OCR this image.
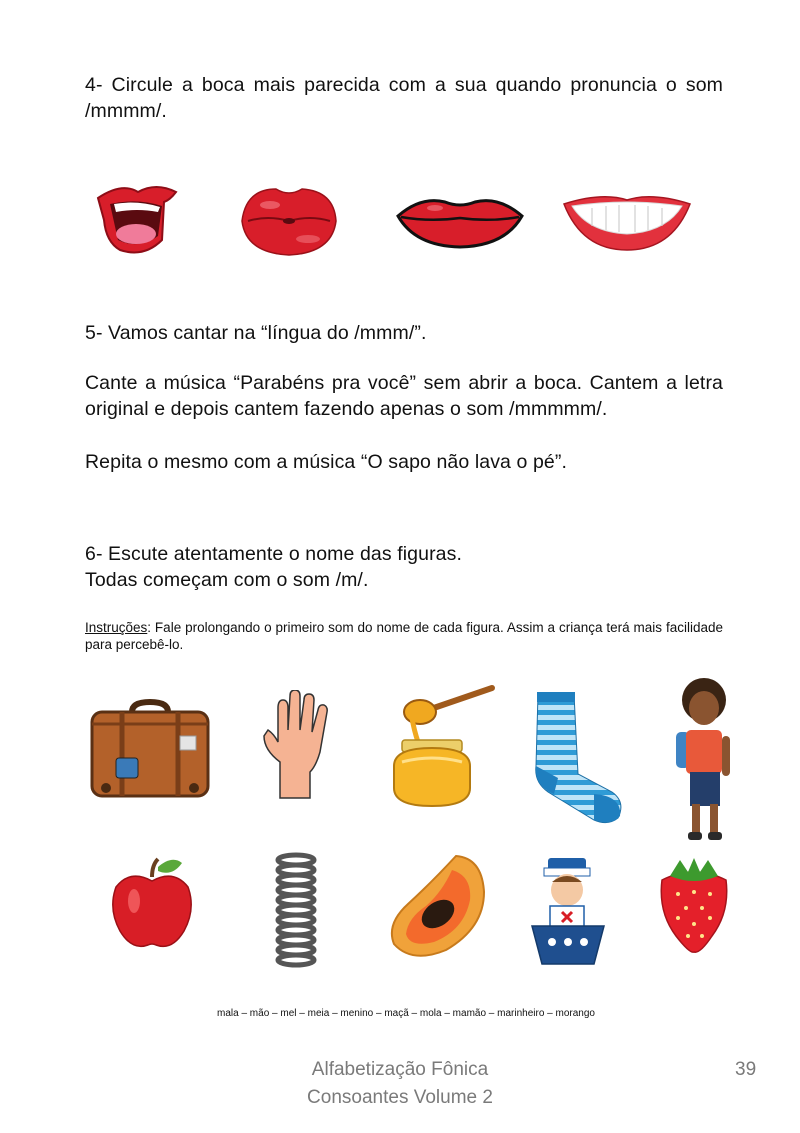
4- Circule a boca mais parecida com a sua quando pronuncia o som /mmmm/.

5- Vamos cantar na “língua do /mmm/”.

Cante a música “Parabéns pra você” sem abrir a boca. Cantem a letra original e depois cantem fazendo apenas o som /mmmmm/.

Repita o mesmo com a música “O sapo não lava o pé”.

6- Escute atentamente o nome das figuras.

Todas começam com o som /m/.

Instruções: Fale prolongando o primeiro som do nome de cada figura. Assim a criança terá mais facilidade para percebê-lo.

mala – mão – mel – meia – menino – maçã – mola – mamão – marinheiro – morango
Alfabetização Fônica
Consoantes Volume 2
39
